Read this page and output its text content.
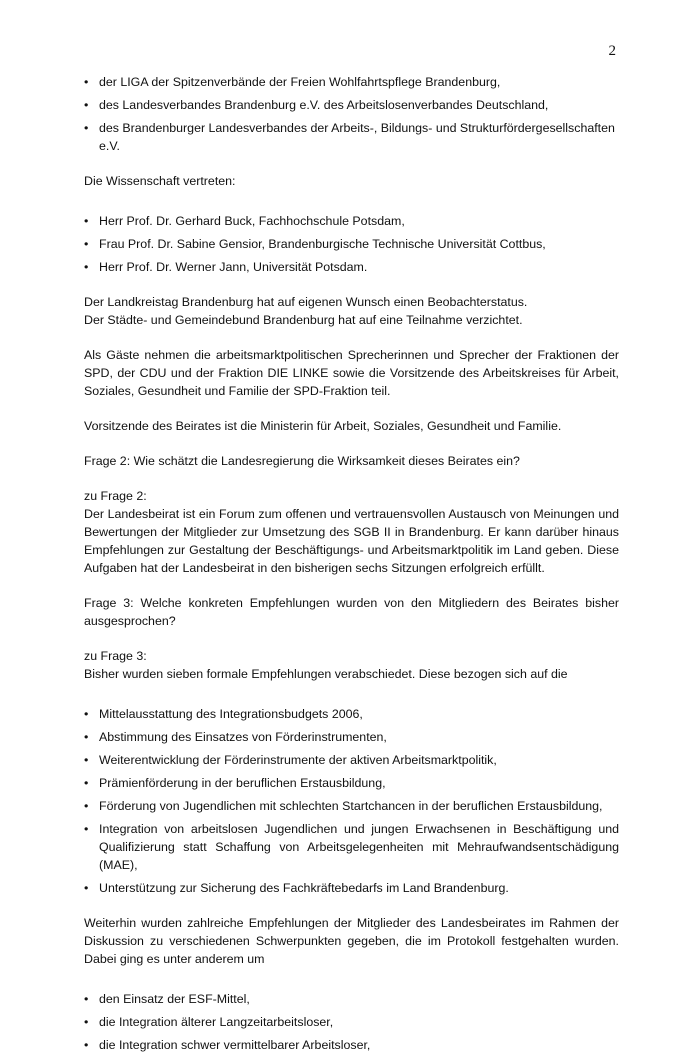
2
• der LIGA der Spitzenverbände der Freien Wohlfahrtspflege Brandenburg,
• des Landesverbandes Brandenburg e.V. des Arbeitslosenverbandes Deutschland,
• des Brandenburger Landesverbandes der Arbeits-, Bildungs- und Strukturfördergesellschaften e.V.

Die Wissenschaft vertreten:

• Herr Prof. Dr. Gerhard Buck, Fachhochschule Potsdam,
• Frau Prof. Dr. Sabine Gensior, Brandenburgische Technische Universität Cottbus,
• Herr Prof. Dr. Werner Jann, Universität Potsdam.

Der Landkreistag Brandenburg hat auf eigenen Wunsch einen Beobachterstatus.

Der Städte- und Gemeindebund Brandenburg hat auf eine Teilnahme verzichtet.

Als Gäste nehmen die arbeitsmarktpolitischen Sprecherinnen und Sprecher der Fraktionen der SPD, der CDU und der Fraktion DIE LINKE sowie die Vorsitzende des Arbeitskreises für Arbeit, Soziales, Gesundheit und Familie der SPD-Fraktion teil.

Vorsitzende des Beirates ist die Ministerin für Arbeit, Soziales, Gesundheit und Familie.

Frage 2: Wie schätzt die Landesregierung die Wirksamkeit dieses Beirates ein?

zu Frage 2:

Der Landesbeirat ist ein Forum zum offenen und vertrauensvollen Austausch von Meinungen und Bewertungen der Mitglieder zur Umsetzung des SGB II in Brandenburg. Er kann darüber hinaus Empfehlungen zur Gestaltung der Beschäftigungs- und Arbeitsmarktpolitik im Land geben. Diese Aufgaben hat der Landesbeirat in den bisherigen sechs Sitzungen erfolgreich erfüllt.

Frage 3: Welche konkreten Empfehlungen wurden von den Mitgliedern des Beirates bisher ausgesprochen?

zu Frage 3:

Bisher wurden sieben formale Empfehlungen verabschiedet. Diese bezogen sich auf die

• Mittelausstattung des Integrationsbudgets 2006,
• Abstimmung des Einsatzes von Förderinstrumenten,
• Weiterentwicklung der Förderinstrumente der aktiven Arbeitsmarktpolitik,
• Prämienförderung in der beruflichen Erstausbildung,
• Förderung von Jugendlichen mit schlechten Startchancen in der beruflichen Erstausbildung,
• Integration von arbeitslosen Jugendlichen und jungen Erwachsenen in Beschäftigung und Qualifizierung statt Schaffung von Arbeitsgelegenheiten mit Mehraufwandsentschädigung (MAE),
• Unterstützung zur Sicherung des Fachkräftebedarfs im Land Brandenburg.

Weiterhin wurden zahlreiche Empfehlungen der Mitglieder des Landesbeirates im Rahmen der Diskussion zu verschiedenen Schwerpunkten gegeben, die im Protokoll festgehalten wurden. Dabei ging es unter anderem um

• den Einsatz der ESF-Mittel,
• die Integration älterer Langzeitarbeitsloser,
• die Integration schwer vermittelbarer Arbeitsloser,
